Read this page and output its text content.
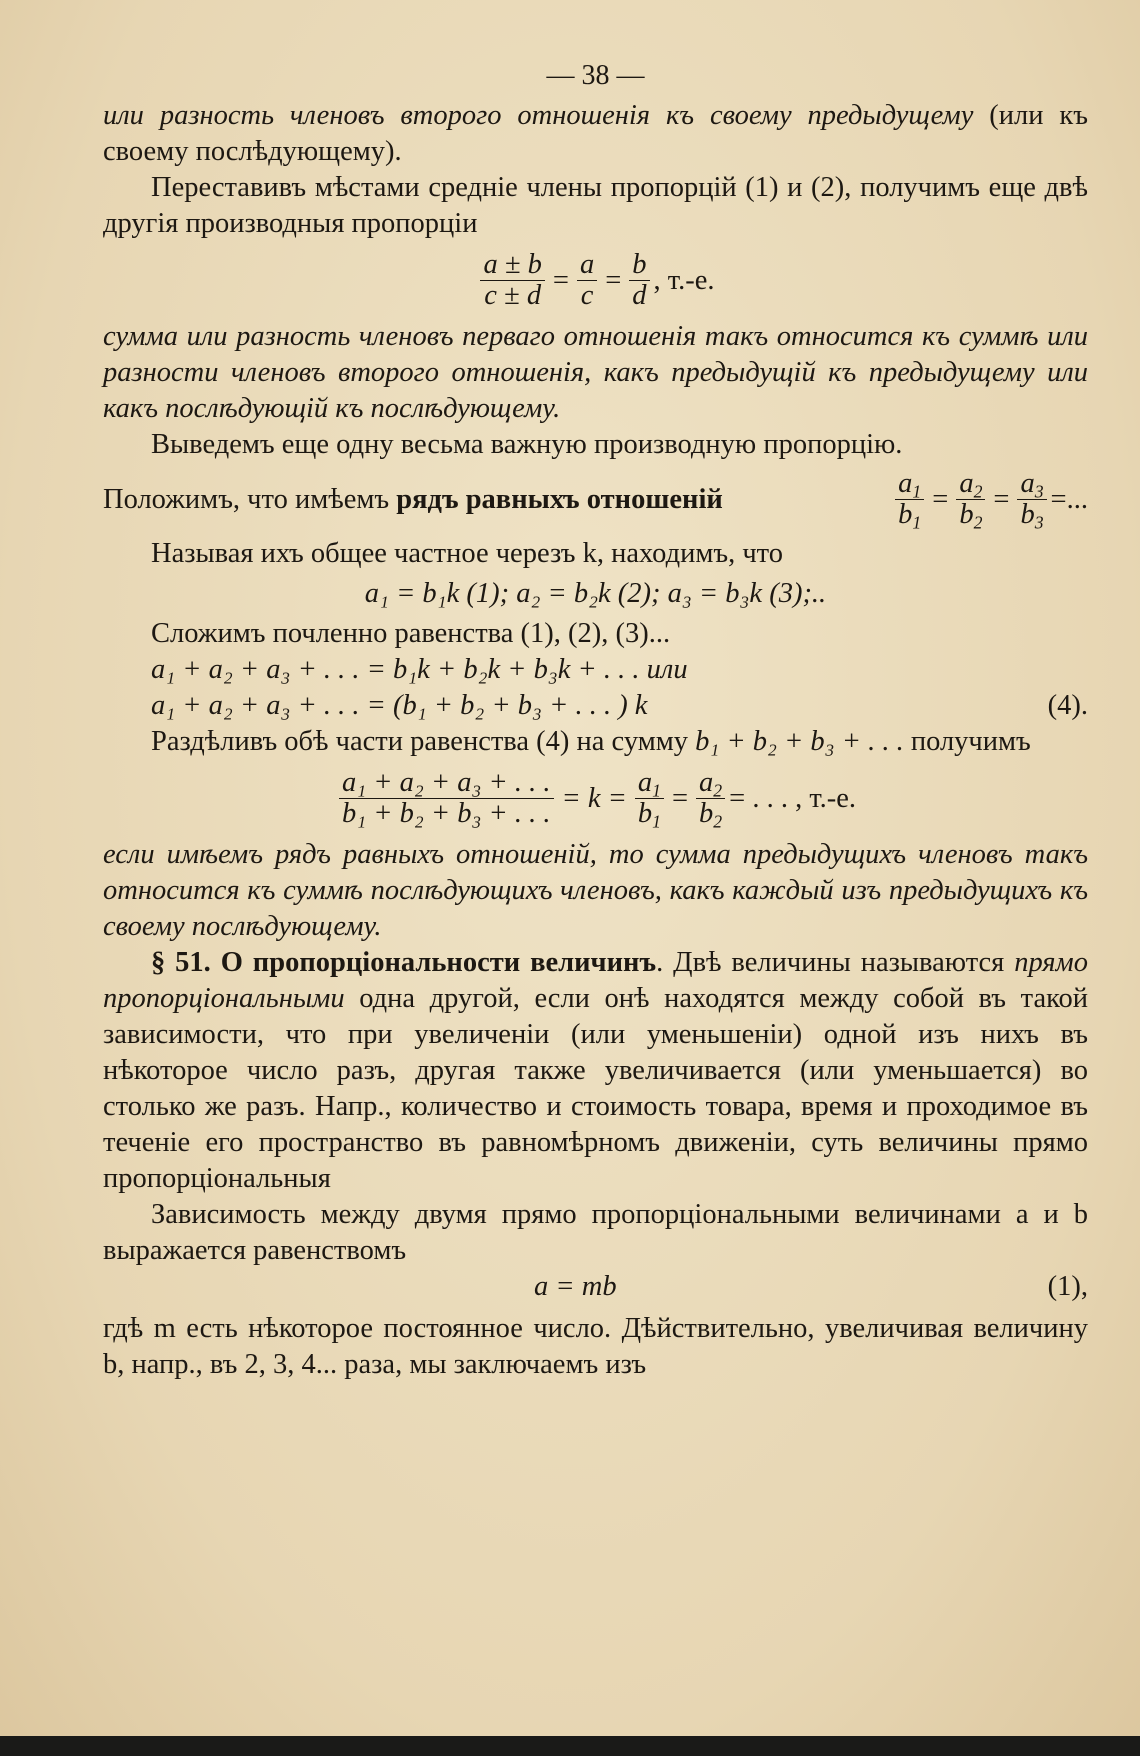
— 38 —

или разность членовъ второго отношенія къ своему предыдущему (или къ своему послѣдующему).

Переставивъ мѣстами средніе члены пропорцій (1) и (2), получимъ еще двѣ другія производныя пропорціи

$\frac{a \pm b}{c \pm d} = \frac{a}{c} = \frac{b}{d}$ , т.-е.

сумма или разность членовъ перваго отношенія такъ относится къ суммѣ или разности членовъ второго отношенія, какъ предыдущій къ предыдущему или какъ послѣдующій къ послѣдующему.

Выведемъ еще одну весьма важную производную пропорцію.

Положимъ, что имѣемъ рядъ равныхъ отношеній	$\frac{a_1}{b_1} = \frac{a_2}{b_2} = \frac{a_3}{b_3}$ =...

Называя ихъ общее частное черезъ k, находимъ, что

a₁ = b₁k (1); a₂ = b₂k (2); a₃ = b₃k (3);..

Сложимъ почленно равенства (1), (2), (3)...

a₁ + a₂ + a₃ + . . . = b₁k + b₂k + b₃k + . . . или
a₁ + a₂ + a₃ + . . . = (b₁ + b₂ + b₃ + . . . ) k	(4).

Раздѣливъ обѣ части равенства (4) на сумму b₁ + b₂ + b₃ + . . . получимъ

$\frac{\text{a₁ + a₂ + a₃ + . . .}}{\text{b₁ + b₂ + b₃ + . . .}} = k = \frac{a_1}{b_1} = \frac{a_2}{b_2}$ = . . . , т.-е.

если имѣемъ рядъ равныхъ отношеній, то сумма предыдущихъ членовъ такъ относится къ суммѣ послѣдующихъ членовъ, какъ каждый изъ предыдущихъ къ своему послѣдующему.

§ 51. О пропорціональности величинъ. Двѣ величины называются прямо пропорціональными одна другой, если онѣ находятся между собой въ такой зависимости, что при увеличеніи (или уменьшеніи) одной изъ нихъ въ нѣкоторое число разъ, другая также увеличивается (или уменьшается) во столько же разъ. Напр., количество и стоимость товара, время и проходимое въ теченіе его пространство въ равномѣрномъ движеніи, суть величины прямо пропорціональныя

Зависимость между двумя прямо пропорціональными величинами a и b выражается равенствомъ

a = mb	(1),

гдѣ m есть нѣкоторое постоянное число. Дѣйствительно, увеличивая величину b, напр., въ 2, 3, 4... раза, мы заключаемъ изъ
